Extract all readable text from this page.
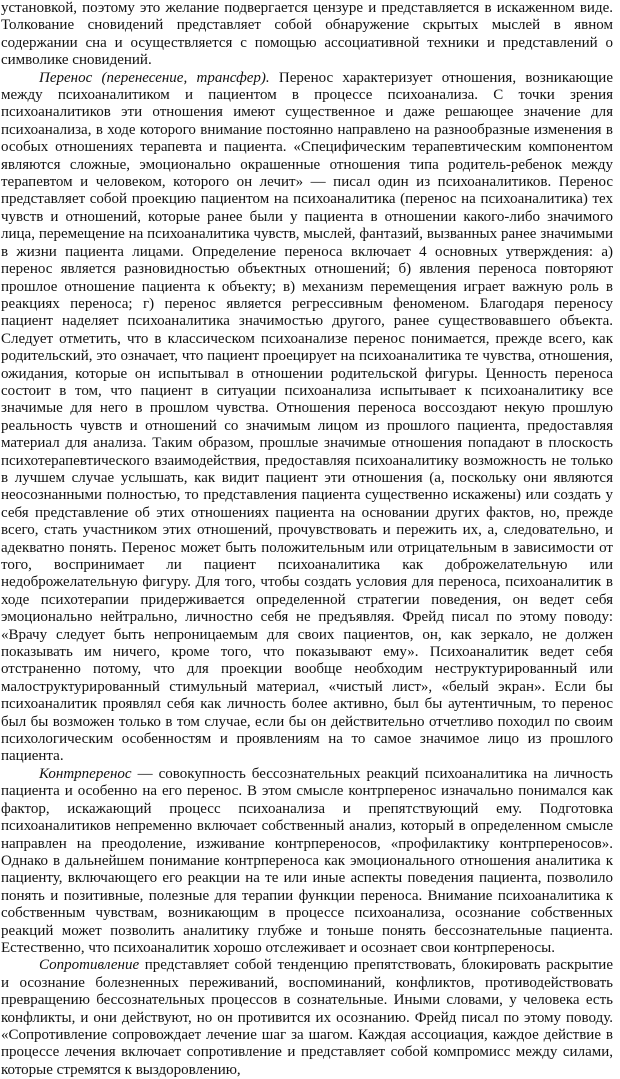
установкой, поэтому это желание подвергается цензуре и представляется в искаженном виде. Толкование сновидений представляет собой обнаружение скрытых мыслей в явном содержании сна и осуществляется с помощью ассоциативной техники и представлений о символике сновидений.

Перенос (перенесение, трансфер). Перенос характеризует отношения, возникающие между психоаналитиком и пациентом в процессе психоанализа. С точки зрения психоаналитиков эти отношения имеют существенное и даже решающее значение для психоанализа, в ходе которого внимание постоянно направлено на разнообразные изменения в особых отношениях терапевта и пациента. «Специфическим терапевтическим компонентом являются сложные, эмоционально окрашенные отношения типа родитель-ребенок между терапевтом и человеком, которого он лечит» — писал один из психоаналитиков. Перенос представляет собой проекцию пациентом на психоаналитика (перенос на психоаналитика) тех чувств и отношений, которые ранее были у пациента в отношении какого-либо значимого лица, перемещение на психоаналитика чувств, мыслей, фантазий, вызванных ранее значимыми в жизни пациента лицами. Определение переноса включает 4 основных утверждения: а) перенос является разновидностью объектных отношений; б) явления переноса повторяют прошлое отношение пациента к объекту; в) механизм перемещения играет важную роль в реакциях переноса; г) перенос является регрессивным феноменом. Благодаря переносу пациент наделяет психоаналитика значимостью другого, ранее существовавшего объекта. Следует отметить, что в классическом психоанализе перенос понимается, прежде всего, как родительский, это означает, что пациент проецирует на психоаналитика те чувства, отношения, ожидания, которые он испытывал в отношении родительской фигуры. Ценность переноса состоит в том, что пациент в ситуации психоанализа испытывает к психоаналитику все значимые для него в прошлом чувства. Отношения переноса воссоздают некую прошлую реальность чувств и отношений со значимым лицом из прошлого пациента, предоставляя материал для анализа. Таким образом, прошлые значимые отношения попадают в плоскость психотерапевтического взаимодействия, предоставляя психоаналитику возможность не только в лучшем случае услышать, как видит пациент эти отношения (а, поскольку они являются неосознанными полностью, то представления пациента существенно искажены) или создать у себя представление об этих отношениях пациента на основании других фактов, но, прежде всего, стать участником этих отношений, прочувствовать и пережить их, а, следовательно, и адекватно понять. Перенос может быть положительным или отрицательным в зависимости от того, воспринимает ли пациент психоаналитика как доброжелательную или недоброжелательную фигуру. Для того, чтобы создать условия для переноса, психоаналитик в ходе психотерапии придерживается определенной стратегии поведения, он ведет себя эмоционально нейтрально, личностно себя не предъявляя. Фрейд писал по этому поводу: «Врачу следует быть непроницаемым для своих пациентов, он, как зеркало, не должен показывать им ничего, кроме того, что показывают ему». Психоаналитик ведет себя отстраненно потому, что для проекции вообще необходим неструктурированный или малоструктурированный стимульный материал, «чистый лист», «белый экран». Если бы психоаналитик проявлял себя как личность более активно, был бы аутентичным, то перенос был бы возможен только в том случае, если бы он действительно отчетливо походил по своим психологическим особенностям и проявлениям на то самое значимое лицо из прошлого пациента.

Контрперенос — совокупность бессознательных реакций психоаналитика на личность пациента и особенно на его перенос. В этом смысле контрперенос изначально понимался как фактор, искажающий процесс психоанализа и препятствующий ему. Подготовка психоаналитиков непременно включает собственный анализ, который в определенном смысле направлен на преодоление, изживание контрпереносов, «профилактику контрпереносов». Однако в дальнейшем понимание контрпереноса как эмоционального отношения аналитика к пациенту, включающего его реакции на те или иные аспекты поведения пациента, позволило понять и позитивные, полезные для терапии функции переноса. Внимание психоаналитика к собственным чувствам, возникающим в процессе психоанализа, осознание собственных реакций может позволить аналитику глубже и тоньше понять бессознательные пациента. Естественно, что психоаналитик хорошо отслеживает и осознает свои контрпереносы.

Сопротивление представляет собой тенденцию препятствовать, блокировать раскрытие и осознание болезненных переживаний, воспоминаний, конфликтов, противодействовать превращению бессознательных процессов в сознательные. Иными словами, у человека есть конфликты, и они действуют, но он противится их осознанию. Фрейд писал по этому поводу. «Сопротивление сопровождает лечение шаг за шагом. Каждая ассоциация, каждое действие в процессе лечения включает сопротивление и представляет собой компромисс между силами, которые стремятся к выздоровлению,
